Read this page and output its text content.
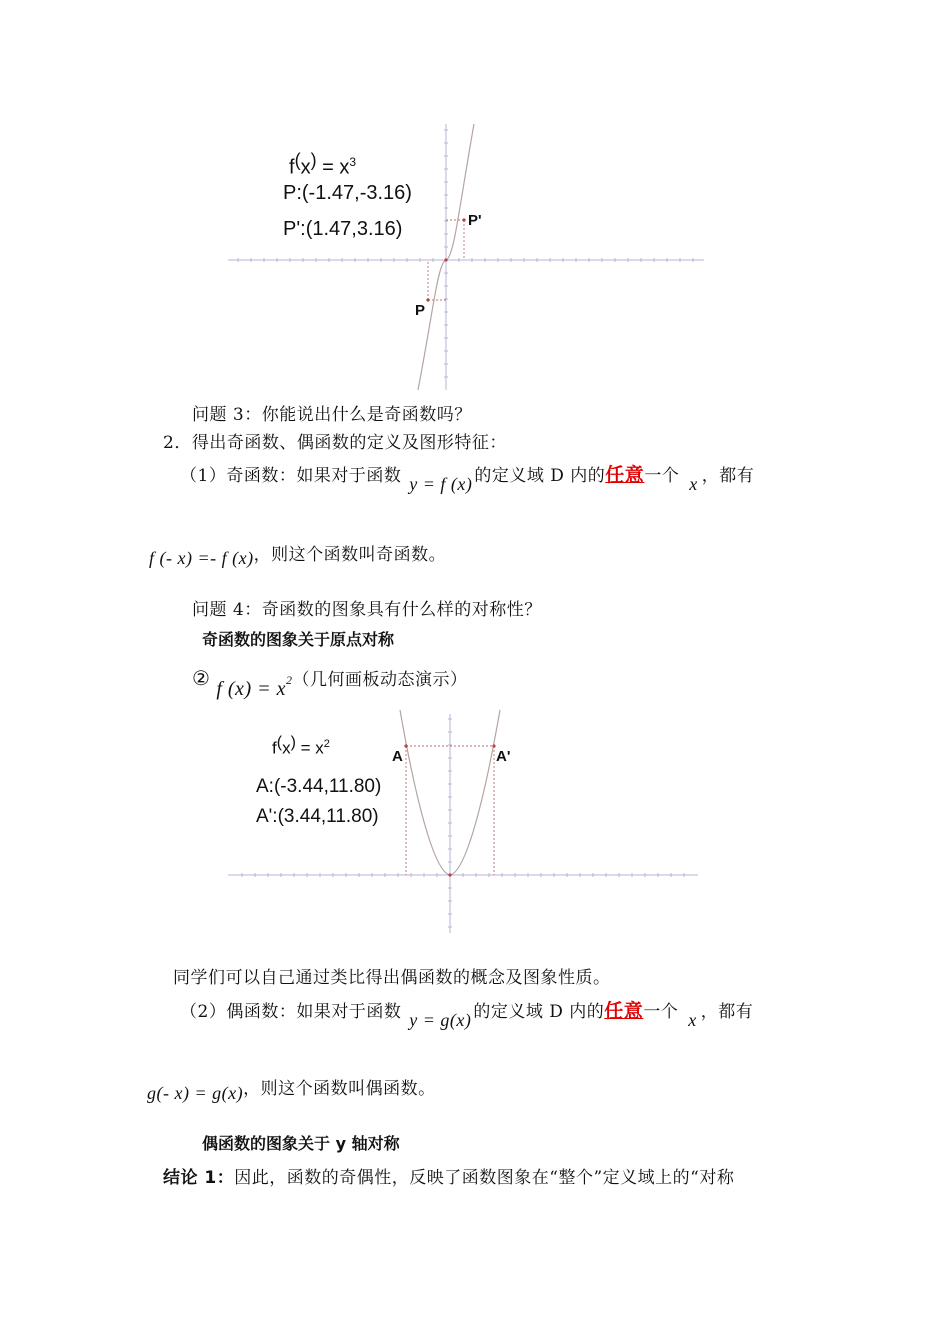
$f^(x^) = x^3$
P:(-1.47,-3.16)
P':(1.47,3.16)	P'
P
问题 3：你能说出什么是奇函数吗？
2．得出奇函数、偶函数的定义及图形特征：
（1）奇函数：如果对于函数 y = f (x) 的定义域 D 内的任意一个 x ，都有
f (- x) =- f (x)，则这个函数叫奇函数。
问题 4：奇函数的图象具有什么样的对称性？
奇函数的图象关于原点对称
② f $(x) = x^2$（几何画板动态演示）
$f^(x^) = x^2$
A	A'
A:(-3.44,11.80)
A':(3.44,11.80)
同学们可以自己通过类比得出偶函数的概念及图象性质。
（2）偶函数：如果对于函数 y = g(x) 的定义域 D 内的任意一个 x ，都有
g(- x) = g(x)，则这个函数叫偶函数。
偶函数的图象关于 y 轴对称
结论 1：因此，函数的奇偶性，反映了函数图象在“整个”定义域上的“对称
